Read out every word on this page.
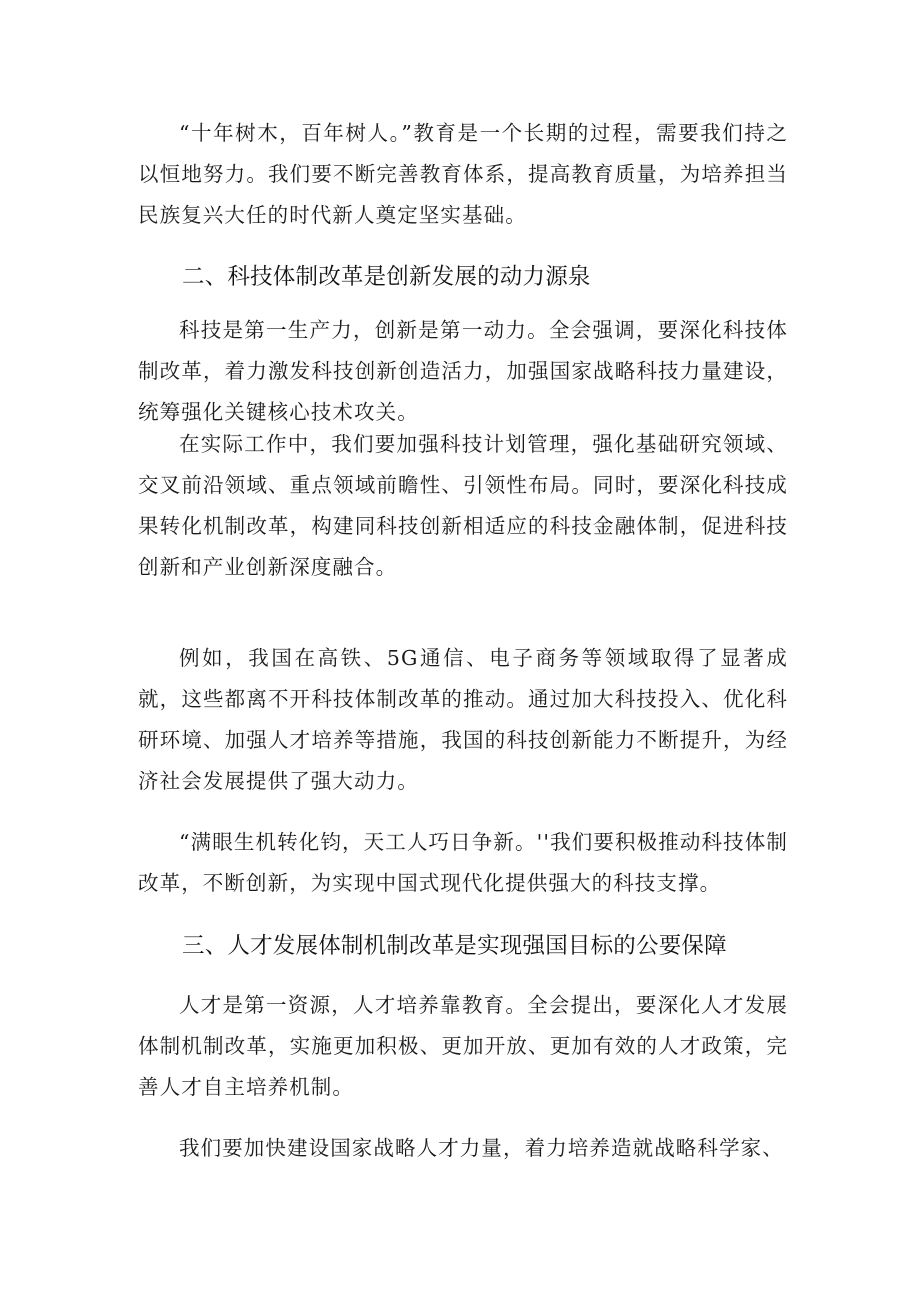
“十年树木，百年树人。”教育是一个长期的过程，需要我们持之以恒地努力。我们要不断完善教育体系，提高教育质量，为培养担当民族复兴大任的时代新人奠定坚实基础。

二、科技体制改革是创新发展的动力源泉

科技是第一生产力，创新是第一动力。全会强调，要深化科技体制改革，着力激发科技创新创造活力，加强国家战略科技力量建设，统筹强化关键核心技术攻关。

在实际工作中，我们要加强科技计划管理，强化基础研究领域、交叉前沿领域、重点领域前瞻性、引领性布局。同时，要深化科技成果转化机制改革，构建同科技创新相适应的科技金融体制，促进科技创新和产业创新深度融合。

例如，我国在高铁、5G通信、电子商务等领域取得了显著成就，这些都离不开科技体制改革的推动。通过加大科技投入、优化科研环境、加强人才培养等措施，我国的科技创新能力不断提升，为经济社会发展提供了强大动力。

“满眼生机转化钧，天工人巧日争新。''我们要积极推动科技体制改革，不断创新，为实现中国式现代化提供强大的科技支撑。

三、人才发展体制机制改革是实现强国目标的公要保障

人才是第一资源，人才培养靠教育。全会提出，要深化人才发展体制机制改革，实施更加积极、更加开放、更加有效的人才政策，完善人才自主培养机制。

我们要加快建设国家战略人才力量，着力培养造就战略科学家、
